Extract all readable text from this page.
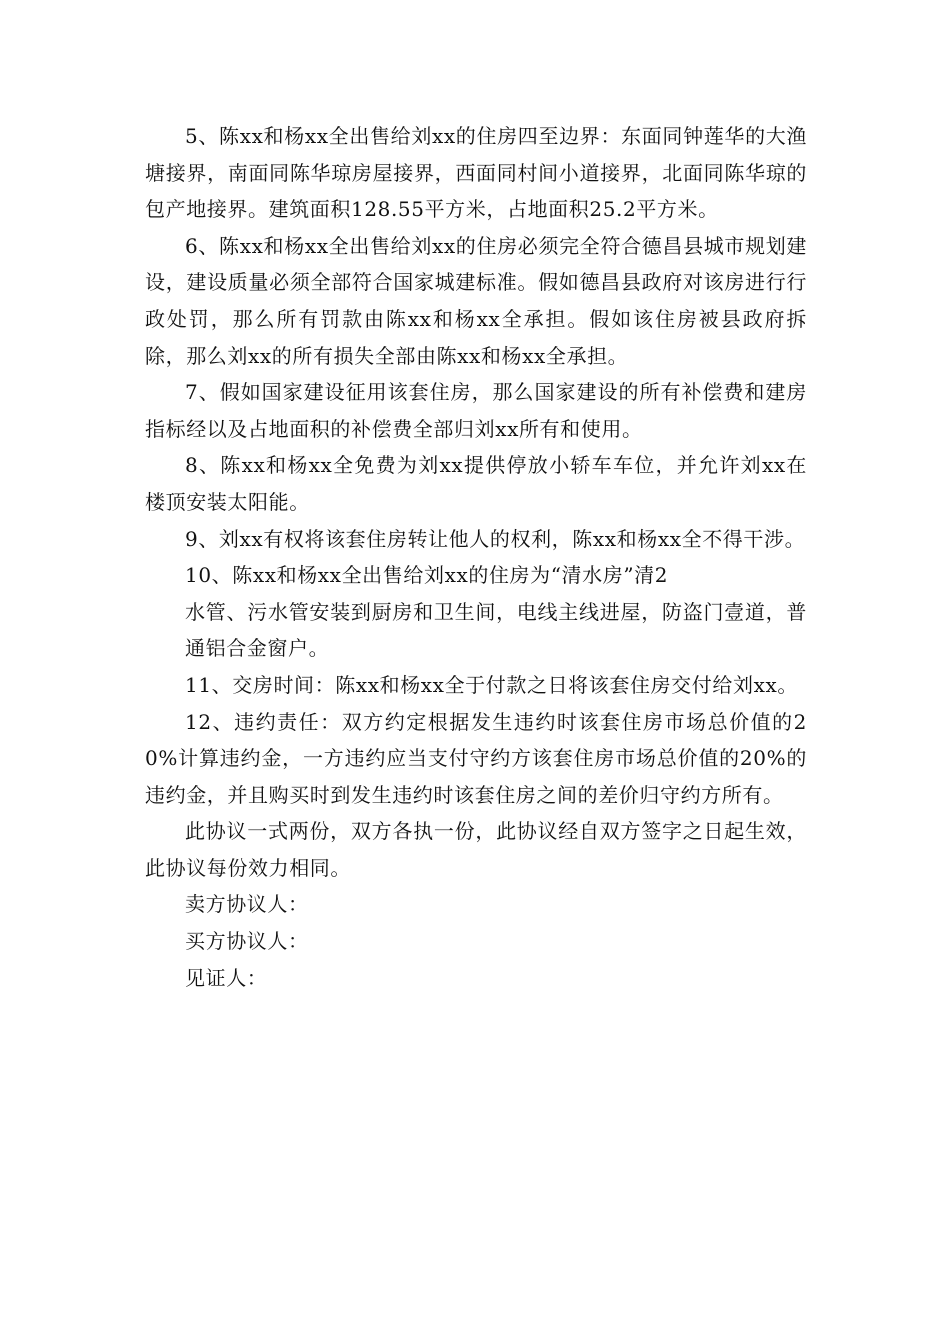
5、陈xx和杨xx全出售给刘xx的住房四至边界：东面同钟莲华的大渔塘接界，南面同陈华琼房屋接界，西面同村间小道接界，北面同陈华琼的包产地接界。建筑面积128.55平方米，占地面积25.2平方米。

6、陈xx和杨xx全出售给刘xx的住房必须完全符合德昌县城市规划建设，建设质量必须全部符合国家城建标准。假如德昌县政府对该房进行行政处罚，那么所有罚款由陈xx和杨xx全承担。假如该住房被县政府拆除，那么刘xx的所有损失全部由陈xx和杨xx全承担。

7、假如国家建设征用该套住房，那么国家建设的所有补偿费和建房指标经以及占地面积的补偿费全部归刘xx所有和使用。

8、陈xx和杨xx全免费为刘xx提供停放小轿车车位，并允许刘xx在楼顶安装太阳能。

9、刘xx有权将该套住房转让他人的权利，陈xx和杨xx全不得干涉。

10、陈xx和杨xx全出售给刘xx的住房为“清水房”清2

水管、污水管安装到厨房和卫生间，电线主线进屋，防盗门壹道，普通铝合金窗户。

11、交房时间：陈xx和杨xx全于付款之日将该套住房交付给刘xx。

12、违约责任：双方约定根据发生违约时该套住房市场总价值的20%计算违约金，一方违约应当支付守约方该套住房市场总价值的20%的违约金，并且购买时到发生违约时该套住房之间的差价归守约方所有。

此协议一式两份，双方各执一份，此协议经自双方签字之日起生效，此协议每份效力相同。

卖方协议人：

买方协议人：

见证人：
